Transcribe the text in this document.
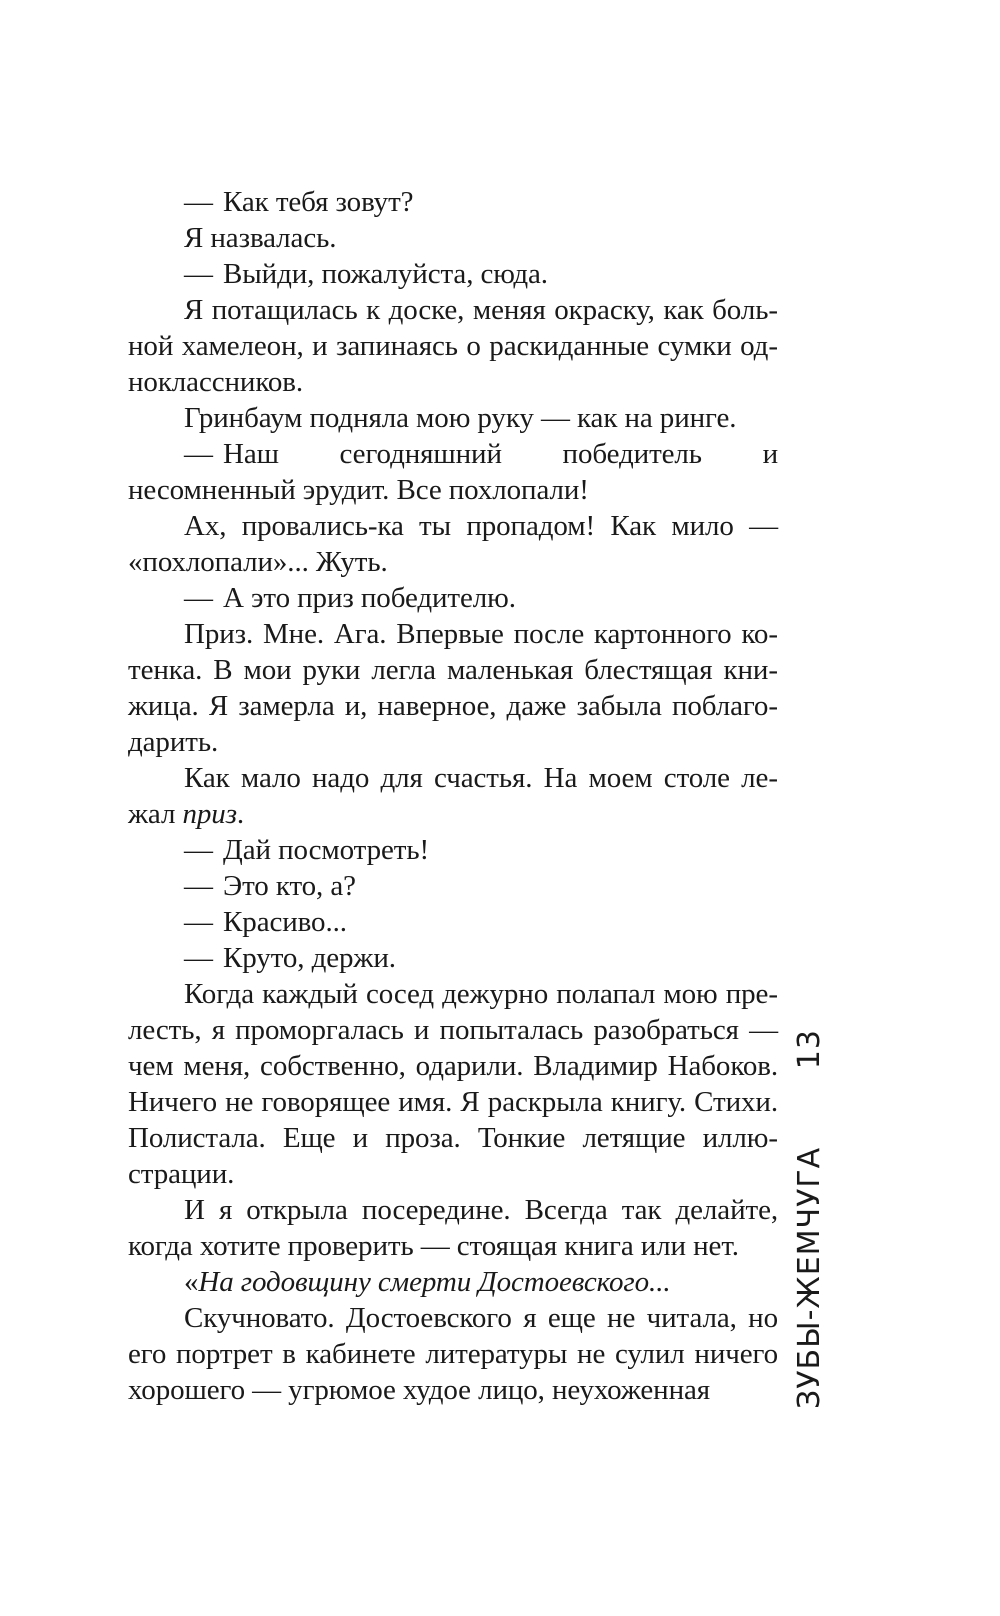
— Как тебя зовут?

Я назвалась.

— Выйди, пожалуйста, сюда.

Я потащилась к доске, меняя окраску, как больной хамелеон, и запинаясь о раскиданные сумки одноклассников.

Гринбаум подняла мою руку — как на ринге.

— Наш сегодняшний победитель и несомненный эрудит. Все похлопали!

Ах, провались-ка ты пропадом! Как мило — «похлопали»... Жуть.

— А это приз победителю.

Приз. Мне. Ага. Впервые после картонного котенка. В мои руки легла маленькая блестящая книжица. Я замерла и, наверное, даже забыла поблагодарить.

Как мало надо для счастья. На моем столе лежал приз.

— Дай посмотреть!

— Это кто, а?

— Красиво...

— Круто, держи.

Когда каждый сосед дежурно полапал мою прелесть, я проморгалась и попыталась разобраться — чем меня, собственно, одарили. Владимир Набоков. Ничего не говорящее имя. Я раскрыла книгу. Стихи. Полистала. Еще и проза. Тонкие летящие иллюстрации.

И я открыла посередине. Всегда так делайте, когда хотите проверить — стоящая книга или нет.

«На годовщину смерти Достоевского...

Скучновато. Достоевского я еще не читала, но его портрет в кабинете литературы не сулил ничего хорошего — угрюмое худое лицо, неухоженная	ЗУБЫ-ЖЕМЧУГА
13
